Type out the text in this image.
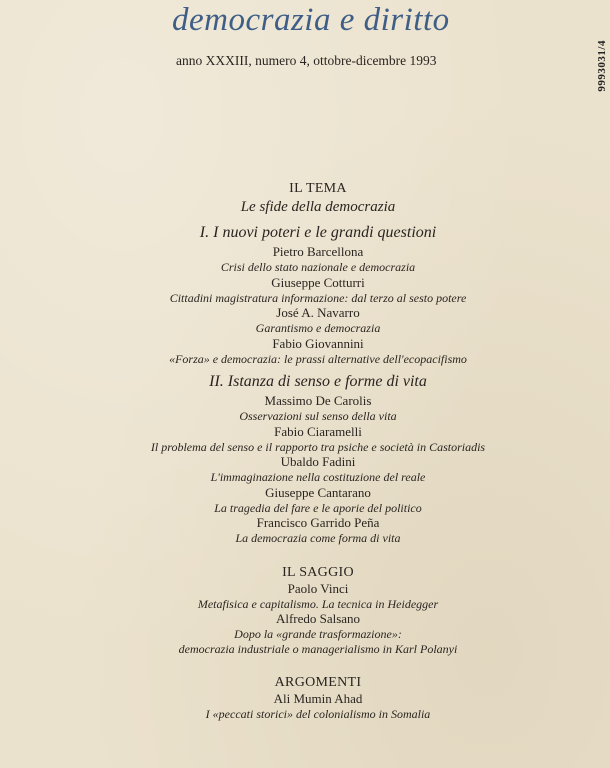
democrazia e diritto
anno XXXIII, numero 4, ottobre-dicembre 1993	999303​1/4
IL TEMA
Le sfide della democrazia
I. I nuovi poteri e le grandi questioni
Pietro Barcellona
Crisi dello stato nazionale e democrazia
Giuseppe Cotturri
Cittadini magistratura informazione: dal terzo al sesto potere
José A. Navarro
Garantismo e democrazia
Fabio Giovannini
«Forza» e democrazia: le prassi alternative dell'ecopacifismo
II. Istanza di senso e forme di vita
Massimo De Carolis
Osservazioni sul senso della vita
Fabio Ciaramelli
Il problema del senso e il rapporto tra psiche e società in Castoriadis
Ubaldo Fadini
L'immaginazione nella costituzione del reale
Giuseppe Cantarano
La tragedia del fare e le aporie del politico
Francisco Garrido Peña
La democrazia come forma di vita
IL SAGGIO
Paolo Vinci
Metafisica e capitalismo. La tecnica in Heidegger
Alfredo Salsano
Dopo la «grande trasformazione»:
democrazia industriale o managerialismo in Karl Polanyi
ARGOMENTI
Ali Mumin Ahad
I «peccati storici» del colonialismo in Somalia
